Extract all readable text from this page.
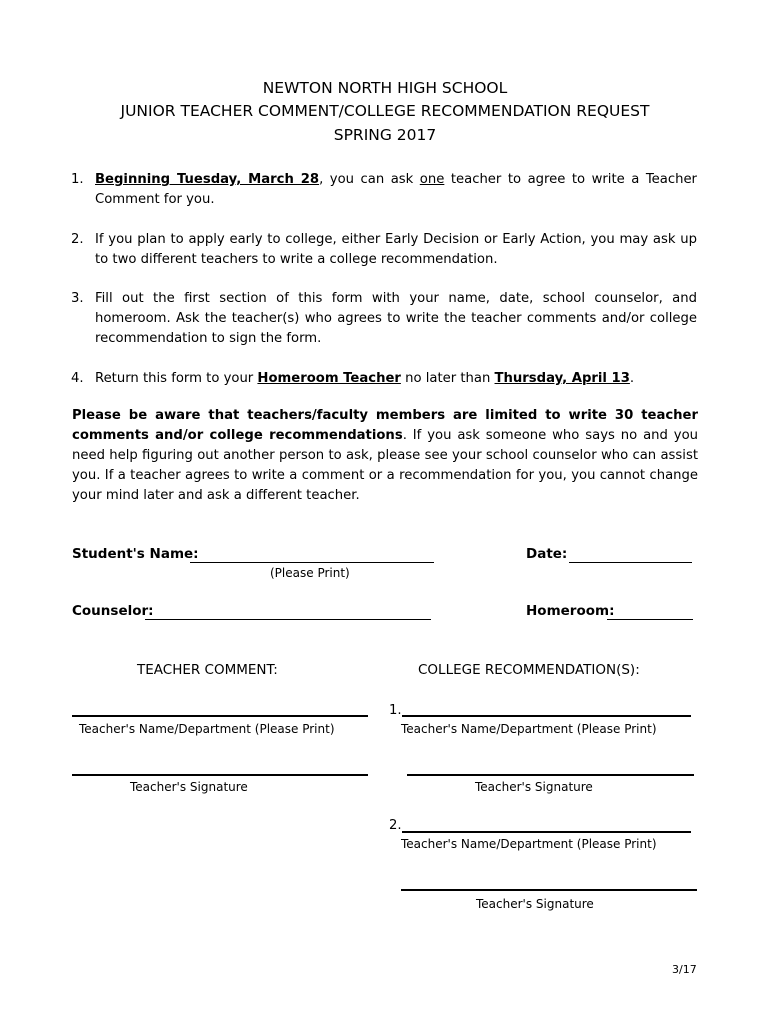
NEWTON NORTH HIGH SCHOOL
JUNIOR TEACHER COMMENT/COLLEGE RECOMMENDATION REQUEST
SPRING 2017
1. Beginning Tuesday, March 28, you can ask one teacher to agree to write a Teacher Comment for you.
2. If you plan to apply early to college, either Early Decision or Early Action, you may ask up to two different teachers to write a college recommendation.
3. Fill out the first section of this form with your name, date, school counselor, and homeroom. Ask the teacher(s) who agrees to write the teacher comments and/or college recommendation to sign the form.
4. Return this form to your Homeroom Teacher no later than Thursday, April 13.
Please be aware that teachers/faculty members are limited to write 30 teacher comments and/or college recommendations. If you ask someone who says no and you need help figuring out another person to ask, please see your school counselor who can assist you. If a teacher agrees to write a comment or a recommendation for you, you cannot change your mind later and ask a different teacher.
Student's Name:
(Please Print)
Date:
Counselor:	Homeroom:
TEACHER COMMENT:
Teacher's Name/Department (Please Print)
Teacher's Signature
COLLEGE RECOMMENDATION(S):
1.
Teacher's Name/Department (Please Print)
Teacher's Signature
2.
Teacher's Name/Department (Please Print)
Teacher's Signature
3/17
